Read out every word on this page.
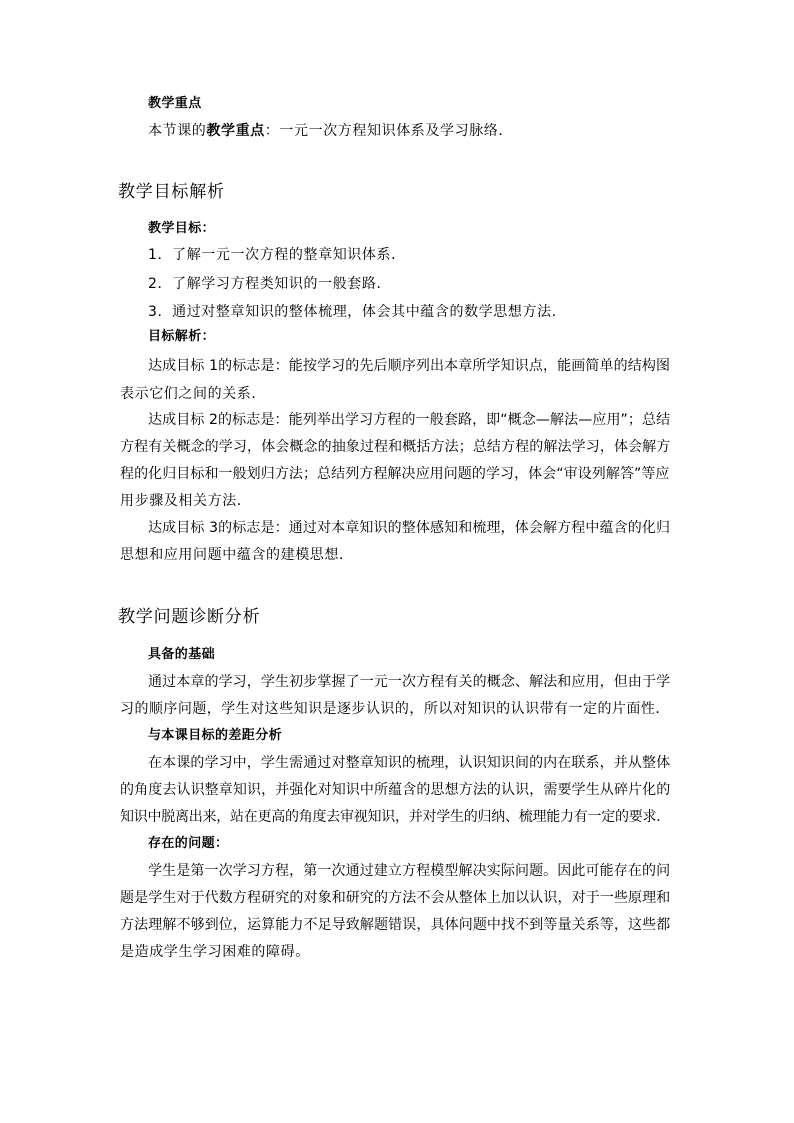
教学重点
本节课的教学重点：一元一次方程知识体系及学习脉络．
教学目标解析
教学目标：
1．了解一元一次方程的整章知识体系．
2．了解学习方程类知识的一般套路．
3．通过对整章知识的整体梳理，体会其中蕴含的数学思想方法．
目标解析：
达成目标 1的标志是：能按学习的先后顺序列出本章所学知识点，能画简单的结构图
表示它们之间的关系．
达成目标 2的标志是：能列举出学习方程的一般套路，即“概念—解法—应用”；总结
方程有关概念的学习，体会概念的抽象过程和概括方法；总结方程的解法学习，体会解方
程的化归目标和一般划归方法；总结列方程解决应用问题的学习，体会“审设列解答”等应
用步骤及相关方法．
达成目标 3的标志是：通过对本章知识的整体感知和梳理，体会解方程中蕴含的化归
思想和应用问题中蕴含的建模思想．
教学问题诊断分析
具备的基础
通过本章的学习，学生初步掌握了一元一次方程有关的概念、解法和应用，但由于学
习的顺序问题，学生对这些知识是逐步认识的，所以对知识的认识带有一定的片面性．
与本课目标的差距分析
在本课的学习中，学生需通过对整章知识的梳理，认识知识间的内在联系，并从整体
的角度去认识整章知识，并强化对知识中所蕴含的思想方法的认识，需要学生从碎片化的
知识中脱离出来，站在更高的角度去审视知识，并对学生的归纳、梳理能力有一定的要求．
存在的问题：
学生是第一次学习方程，第一次通过建立方程模型解决实际问题。因此可能存在的问
题是学生对于代数方程研究的对象和研究的方法不会从整体上加以认识，对于一些原理和
方法理解不够到位，运算能力不足导致解题错误，具体问题中找不到等量关系等，这些都
是造成学生学习困难的障碍。
